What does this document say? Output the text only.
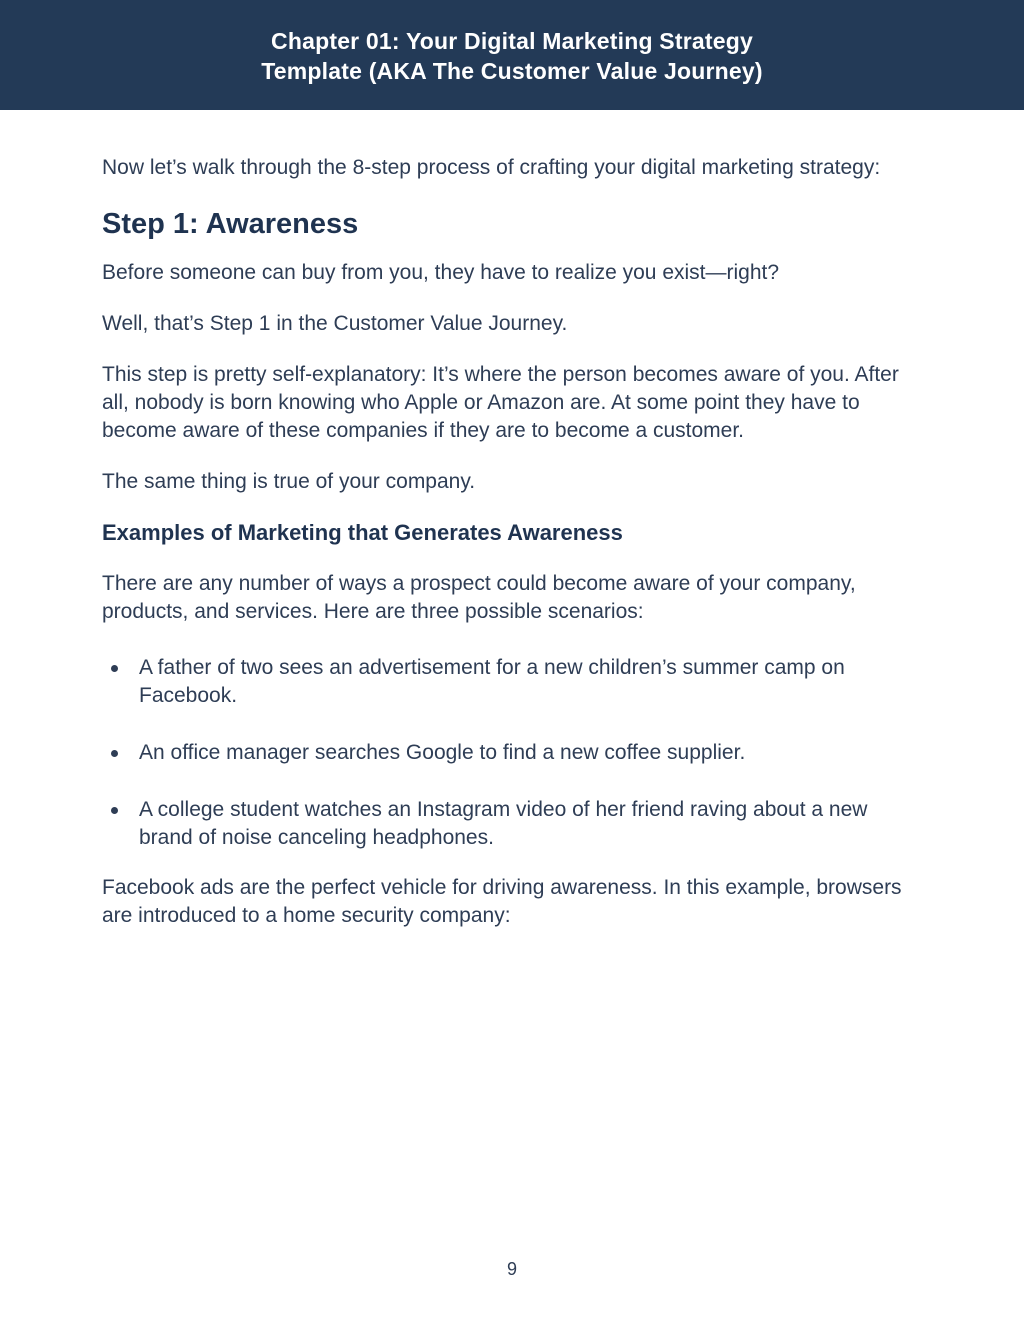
Chapter 01: Your Digital Marketing Strategy
Template (AKA The Customer Value Journey)

Now let’s walk through the 8-step process of crafting your digital marketing strategy:

Step 1: Awareness

Before someone can buy from you, they have to realize you exist—right?

Well, that’s Step 1 in the Customer Value Journey.

This step is pretty self-explanatory: It’s where the person becomes aware of you. After all, nobody is born knowing who Apple or Amazon are. At some point they have to become aware of these companies if they are to become a customer.

The same thing is true of your company.

Examples of Marketing that Generates Awareness

There are any number of ways a prospect could become aware of your company, products, and services. Here are three possible scenarios:

A father of two sees an advertisement for a new children’s summer camp on Facebook.
An office manager searches Google to find a new coffee supplier.
A college student watches an Instagram video of her friend raving about a new brand of noise canceling headphones.

Facebook ads are the perfect vehicle for driving awareness. In this example, browsers are introduced to a home security company:

9
